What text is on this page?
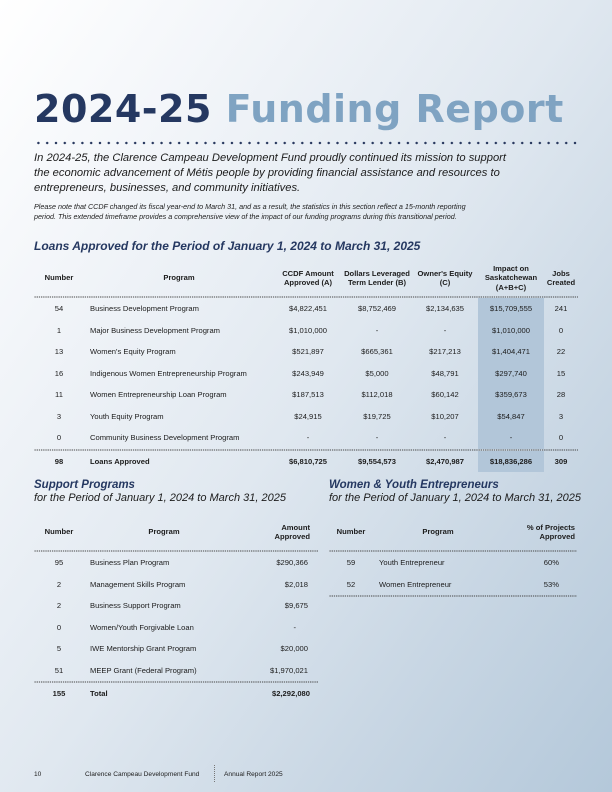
2024-25 Funding Report

In 2024-25, the Clarence Campeau Development Fund proudly continued its mission to support the economic advancement of Métis people by providing financial assistance and resources to entrepreneurs, businesses, and community initiatives.

Please note that CCDF changed its fiscal year-end to March 31, and as a result, the statistics in this section reflect a 15-month reporting period. This extended timeframe provides a comprehensive view of the impact of our funding programs during this transitional period.

Loans Approved for the Period of January 1, 2024 to March 31, 2025
Number	Program	CCDF Amount Approved (A)	Dollars Leveraged Term Lender (B)	Owner's Equity (C)	Impact on Saskatchewan (A+B+C)	Jobs Created

54	Business Development Program	$4,822,451	$8,752,469	$2,134,635	$15,709,555	241
1	Major Business Development Program	$1,010,000	-	-	$1,010,000	0
13	Women's Equity Program	$521,897	$665,361	$217,213	$1,404,471	22
16	Indigenous Women Entrepreneurship Program	$243,949	$5,000	$48,791	$297,740	15
11	Women Entrepreneurship Loan Program	$187,513	$112,018	$60,142	$359,673	28
3	Youth Equity Program	$24,915	$19,725	$10,207	$54,847	3
0	Community Business Development Program	-	-	-	-	0

98	Loans Approved	$6,810,725	$9,554,573	$2,470,987	$18,836,286	309
Support Programs

for the Period of January 1, 2024 to March 31, 2025

Number	Program	Amount Approved

95	Business Plan Program	$290,366
2	Management Skills Program	$2,018
2	Business Support Program	$9,675
0	Women/Youth Forgivable Loan	-
5	IWE Mentorship Grant Program	$20,000
51	MEEP Grant (Federal Program)	$1,970,021

155	Total	$2,292,080
Women & Youth Entrepreneurs

for the Period of January 1, 2024 to March 31, 2025

Number	Program	% of Projects Approved

59	Youth Entrepreneur	60%
52	Women Entrepreneur	53%

10	Clarence Campeau Development Fund	Annual Report 2025
